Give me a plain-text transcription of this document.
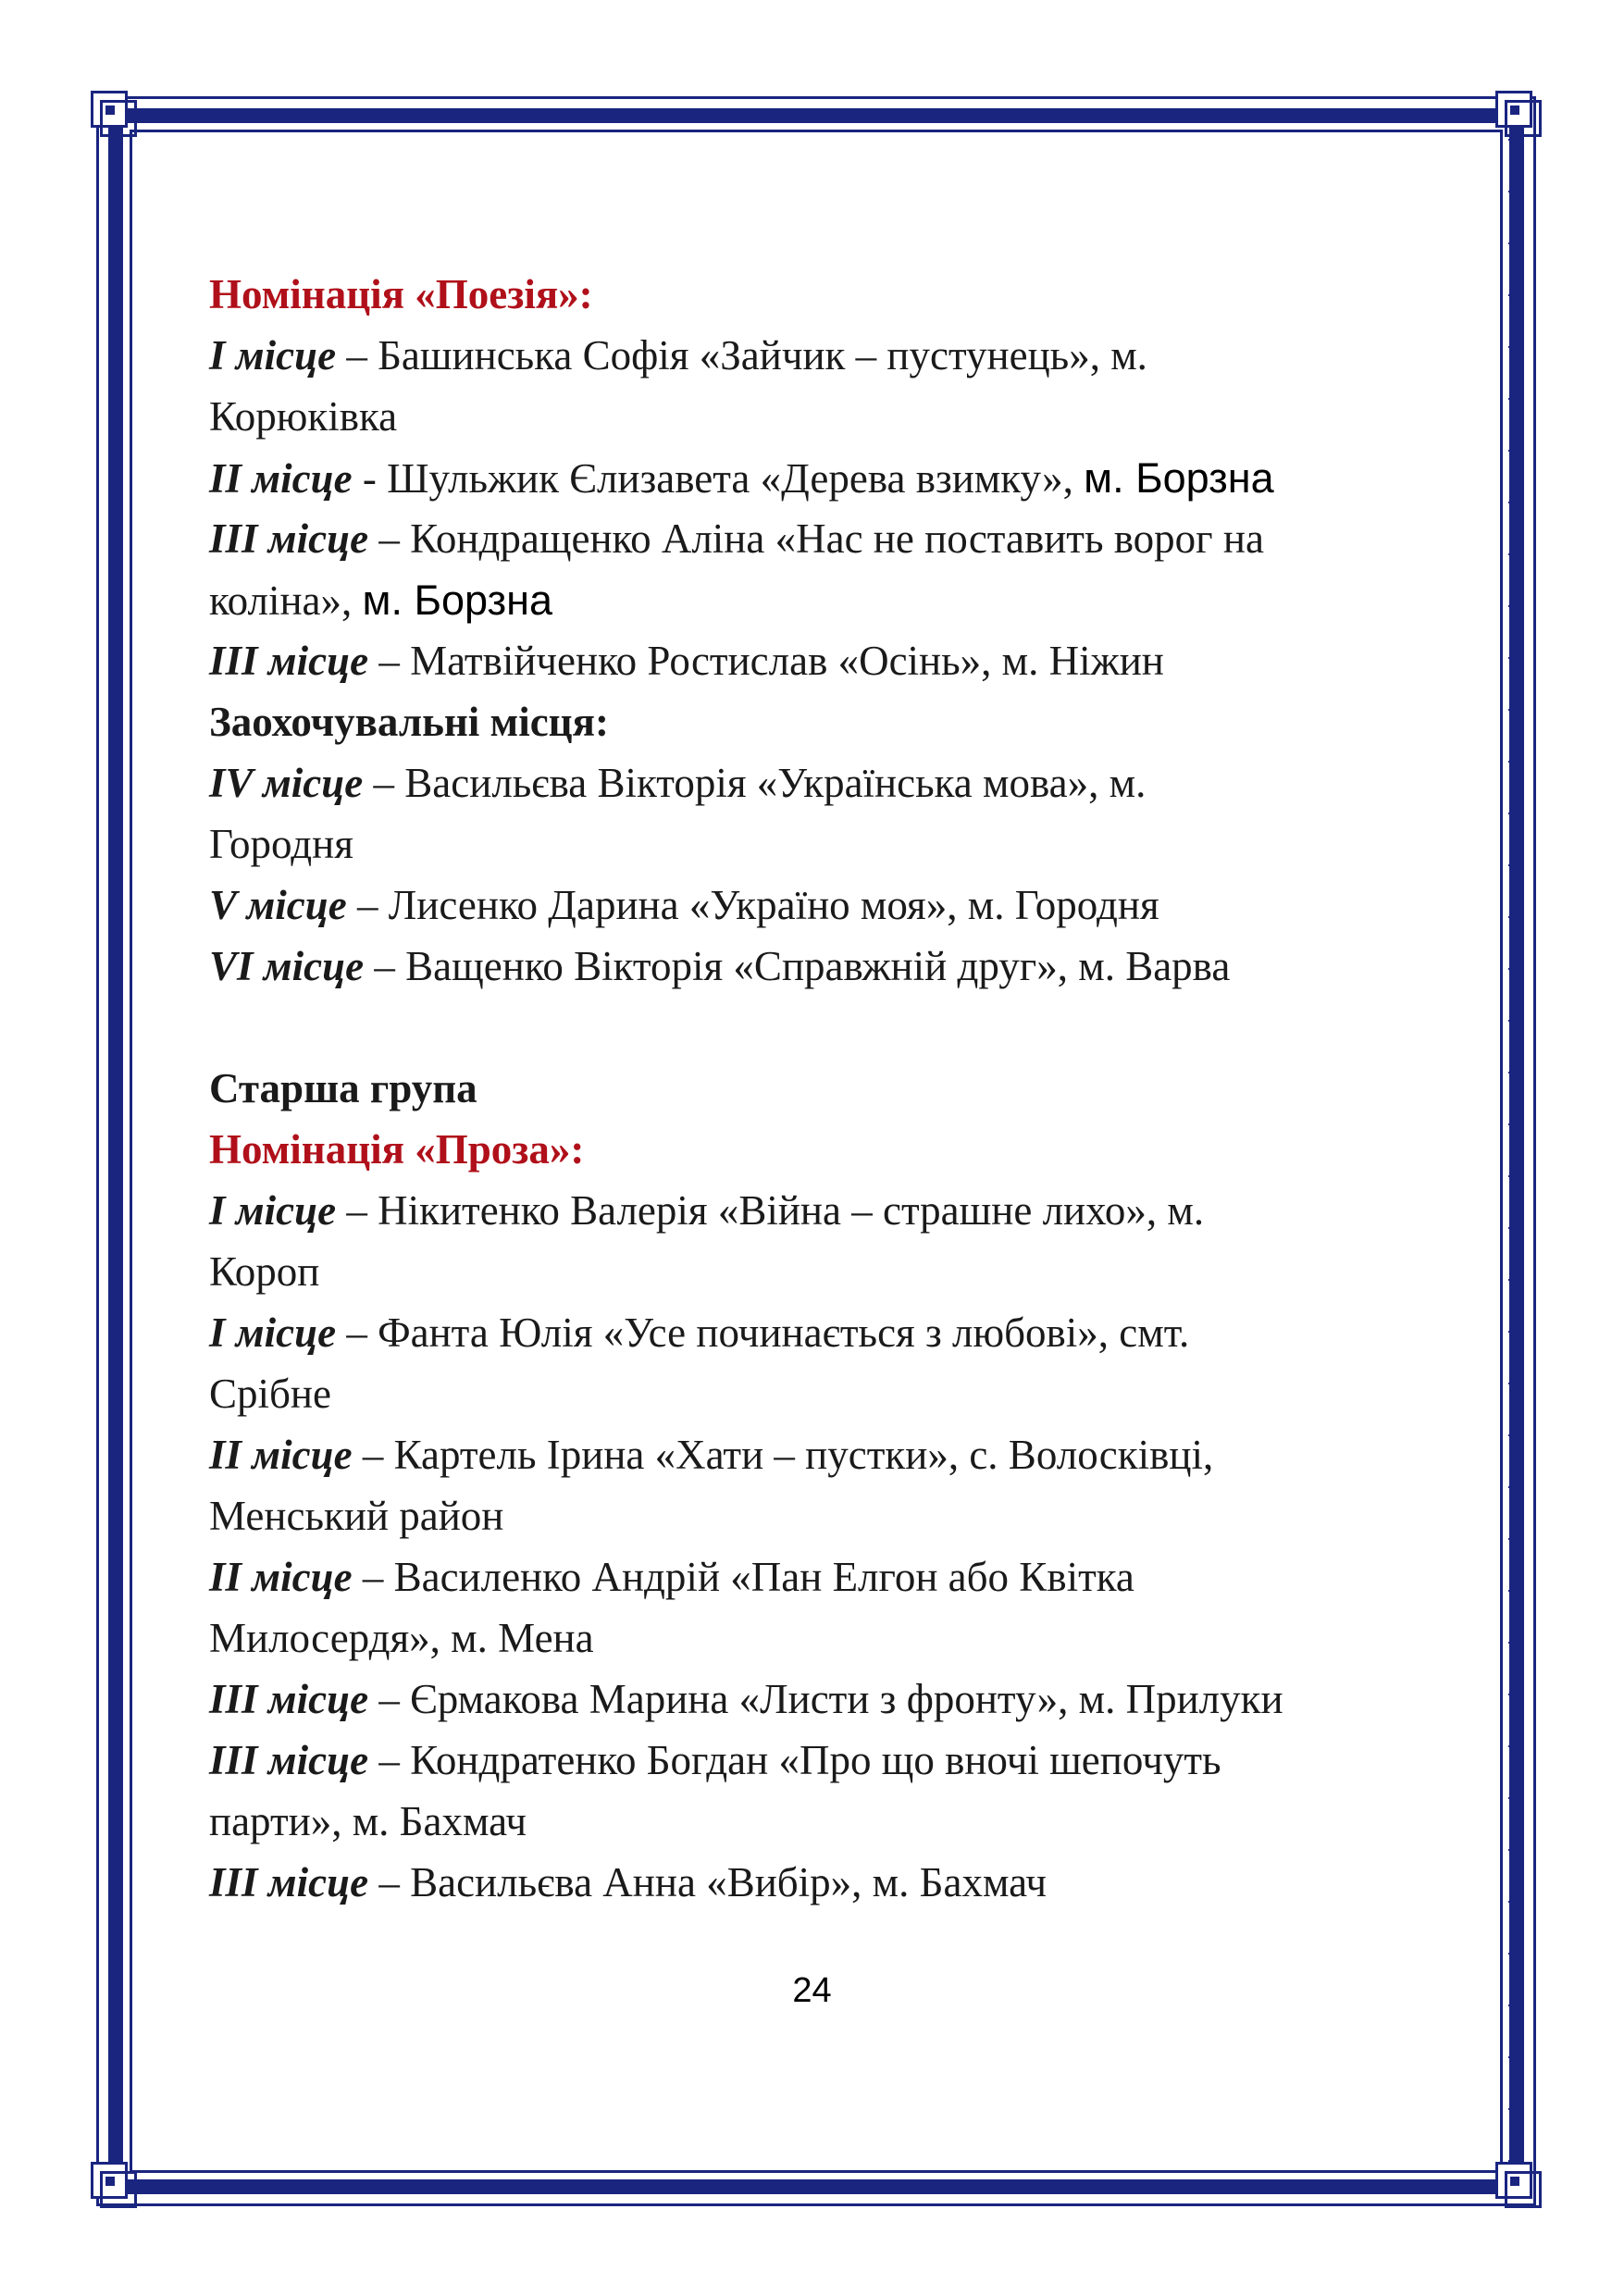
Номінація «Поезія»:
І місце – Башинська Софія «Зайчик – пустунець», м.
Корюківка
ІІ місце - Шульжик Єлизавета «Дерева взимку», м. Борзна
ІІІ місце – Кондращенко Аліна «Нас не поставить ворог на
коліна», м. Борзна
ІІІ місце – Матвійченко Ростислав «Осінь», м. Ніжин
Заохочувальні місця:
IV місце – Васильєва Вікторія «Українська мова», м.
Городня
V місце – Лисенко Дарина «Україно моя», м. Городня
VІ місце – Ващенко Вікторія «Справжній друг», м. Варва
Старша група
Номінація «Проза»:
І місце – Нікитенко Валерія «Війна – страшне лихо», м.
Короп
І місце – Фанта Юлія «Усе починається з любові», смт.
Срібне
ІІ місце – Картель Ірина «Хати – пустки», с. Волосківці,
Менський район
ІІ місце – Василенко Андрій «Пан Елгон або Квітка
Милосердя», м. Мена
ІІІ місце – Єрмакова Марина «Листи з фронту», м. Прилуки
ІІІ місце – Кондратенко Богдан «Про що вночі шепочуть
парти», м. Бахмач
ІІІ місце – Васильєва Анна «Вибір», м. Бахмач
24
